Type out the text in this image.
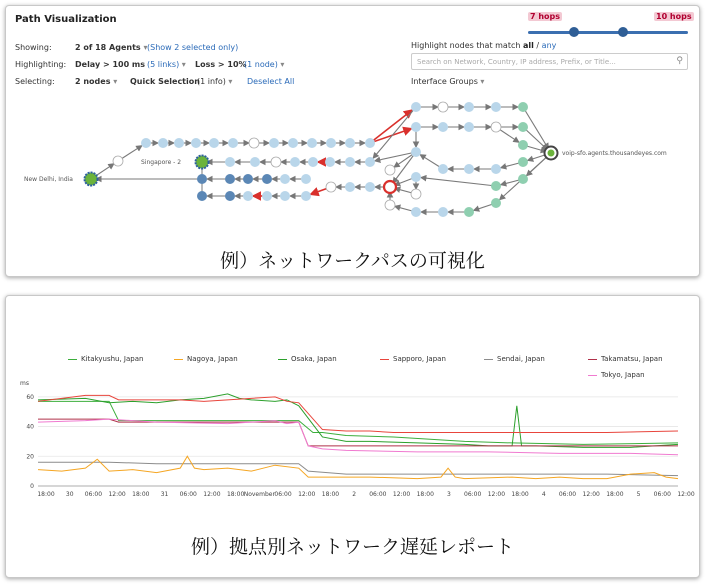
Path Visualization	7 hops	10 hops
Showing:	2 of 18 Agents ▾ (Show 2 selected only)
Highlighting: Delay > 100 ms (5 links) ▾	Loss > 10%
(1 node) ▾
Selecting:	2 nodes ▾	Quick Selection
(1 info) ▾	Deselect All
Highlight nodes that match all / any
Search on Network, Country, IP address, Prefix, or Title...	⚲
Interface Groups ▾
New Delhi, India
Singapore - 2
voip-sfo.agents.thousandeyes.com
例）ネットワークパスの可視化
Kitakyushu, Japan	Nagoya, Japan	Osaka, Japan	Sapporo, Japan	Sendai, Japan	Takamatsu, Japan
Tokyo, Japan
ms
0
20
40
60
18:00 30 06:00 12:00 18:00 31 06:00 12:00 18:00 November 06:00 12:00 18:00 2 06:00 12:00 18:00 3 06:00 12:00 18:00 4 06:00 12:00 18:00 5 06:00 12:00
例）拠点別ネットワーク遅延レポート
